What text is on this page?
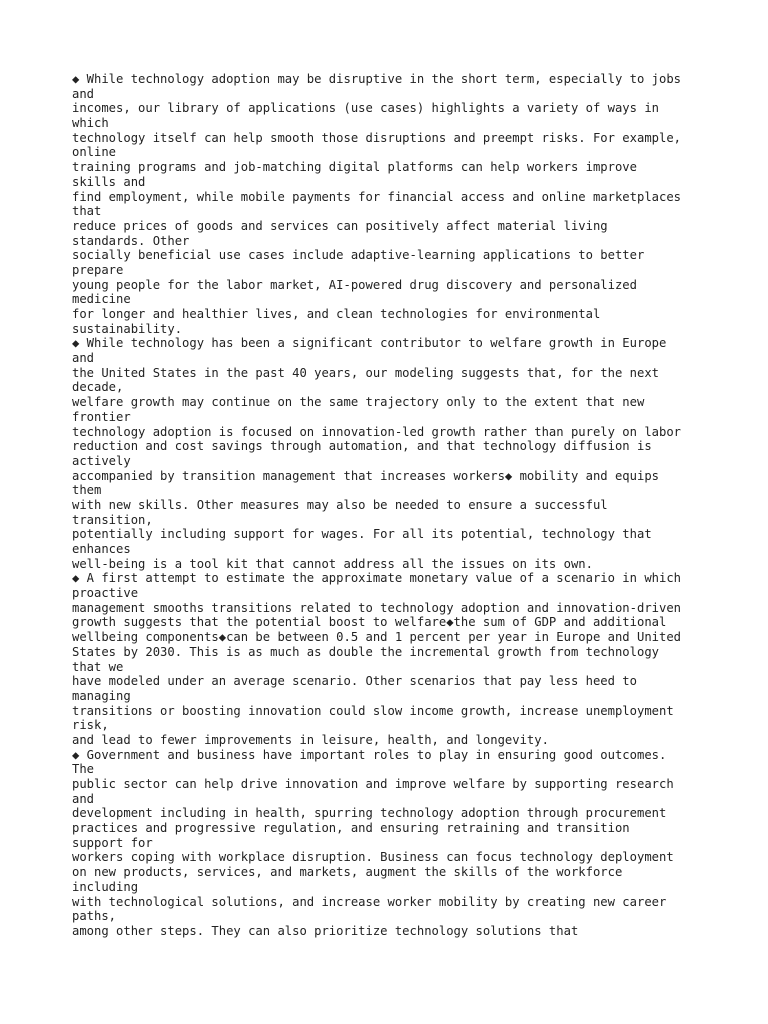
◆ While technology adoption may be disruptive in the short term, especially to jobs
and
incomes, our library of applications (use cases) highlights a variety of ways in
which
technology itself can help smooth those disruptions and preempt risks. For example,
online
training programs and job-matching digital platforms can help workers improve
skills and
find employment, while mobile payments for financial access and online marketplaces
that
reduce prices of goods and services can positively affect material living
standards. Other
socially beneficial use cases include adaptive-learning applications to better
prepare
young people for the labor market, AI-powered drug discovery and personalized
medicine
for longer and healthier lives, and clean technologies for environmental
sustainability.
◆ While technology has been a significant contributor to welfare growth in Europe
and
the United States in the past 40 years, our modeling suggests that, for the next
decade,
welfare growth may continue on the same trajectory only to the extent that new
frontier
technology adoption is focused on innovation-led growth rather than purely on labor
reduction and cost savings through automation, and that technology diffusion is
actively
accompanied by transition management that increases workers◆ mobility and equips
them
with new skills. Other measures may also be needed to ensure a successful
transition,
potentially including support for wages. For all its potential, technology that
enhances
well-being is a tool kit that cannot address all the issues on its own.
◆ A first attempt to estimate the approximate monetary value of a scenario in which
proactive
management smooths transitions related to technology adoption and innovation-driven
growth suggests that the potential boost to welfare◆the sum of GDP and additional
wellbeing components◆can be between 0.5 and 1 percent per year in Europe and United
States by 2030. This is as much as double the incremental growth from technology
that we
have modeled under an average scenario. Other scenarios that pay less heed to
managing
transitions or boosting innovation could slow income growth, increase unemployment
risk,
and lead to fewer improvements in leisure, health, and longevity.
◆ Government and business have important roles to play in ensuring good outcomes.
The
public sector can help drive innovation and improve welfare by supporting research
and
development including in health, spurring technology adoption through procurement
practices and progressive regulation, and ensuring retraining and transition
support for
workers coping with workplace disruption. Business can focus technology deployment
on new products, services, and markets, augment the skills of the workforce
including
with technological solutions, and increase worker mobility by creating new career
paths,
among other steps. They can also prioritize technology solutions that
